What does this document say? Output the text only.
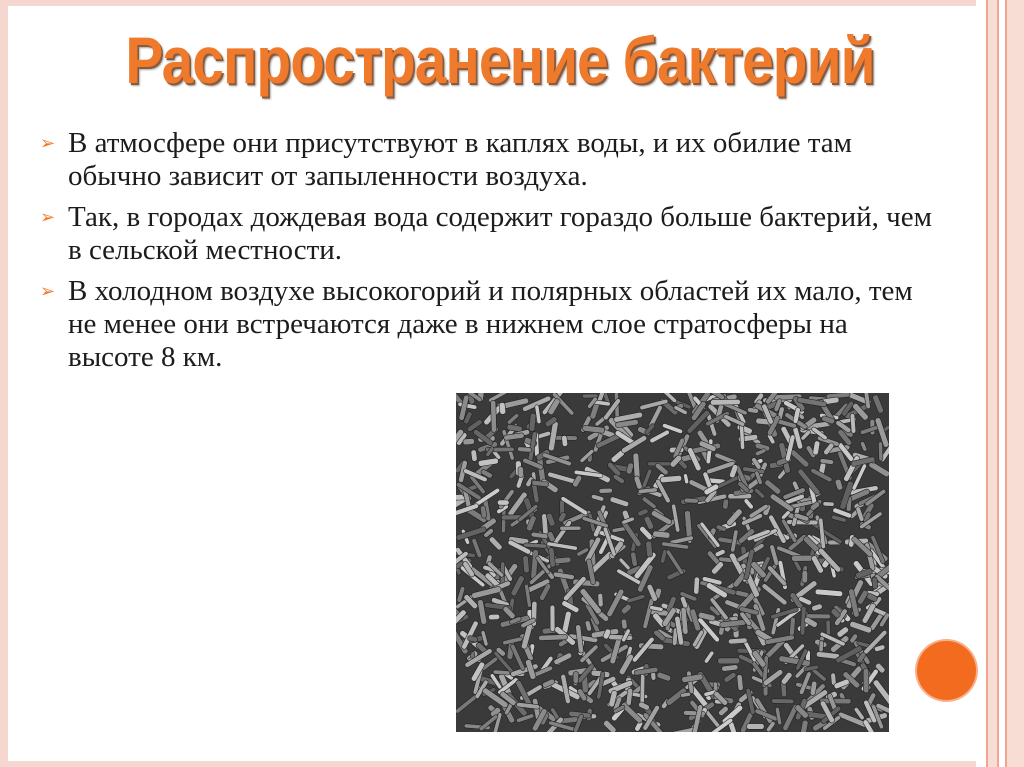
Распространение бактерий
➢ В атмосфере они присутствуют в каплях воды, и их обилие там обычно зависит от запыленности воздуха.
➢ Так, в городах дождевая вода содержит гораздо больше бактерий, чем в сельской местности.
➢ В холодном воздухе высокогорий и полярных областей их мало, тем не менее они встречаются даже в нижнем слое стратосферы на высоте 8 км.
